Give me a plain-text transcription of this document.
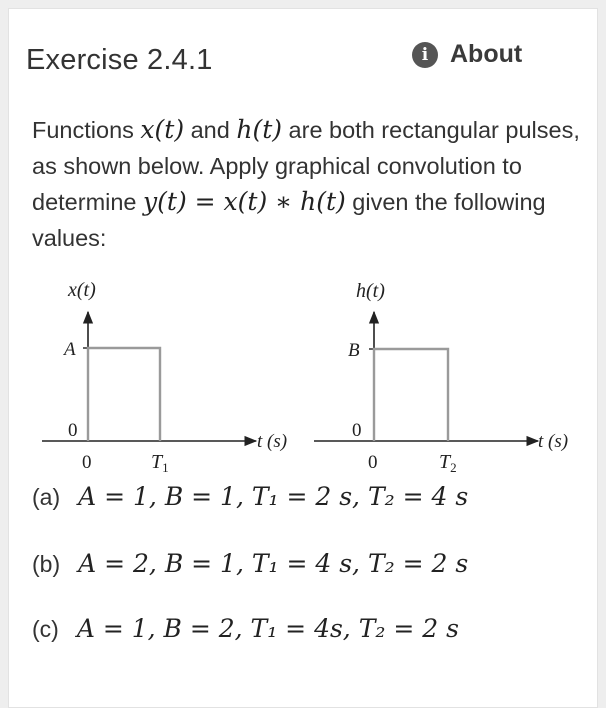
Exercise 2.4.1	i About
Functions x(t) and h(t) are both rectangular pulses, as shown below. Apply graphical convolution to determine y(t) = x(t) ∗ h(t) given the following values:
x(t)
A
0
0	$T_1$
t (s)
h(t)
B
0
0	$T_2$
t (s)
(a) A = 1, B = 1, T₁ = 2 s, T₂ = 4 s
(b) A = 2, B = 1, T₁ = 4 s, T₂ = 2 s
(c) A = 1, B = 2, T₁ = 4s, T₂ = 2 s
